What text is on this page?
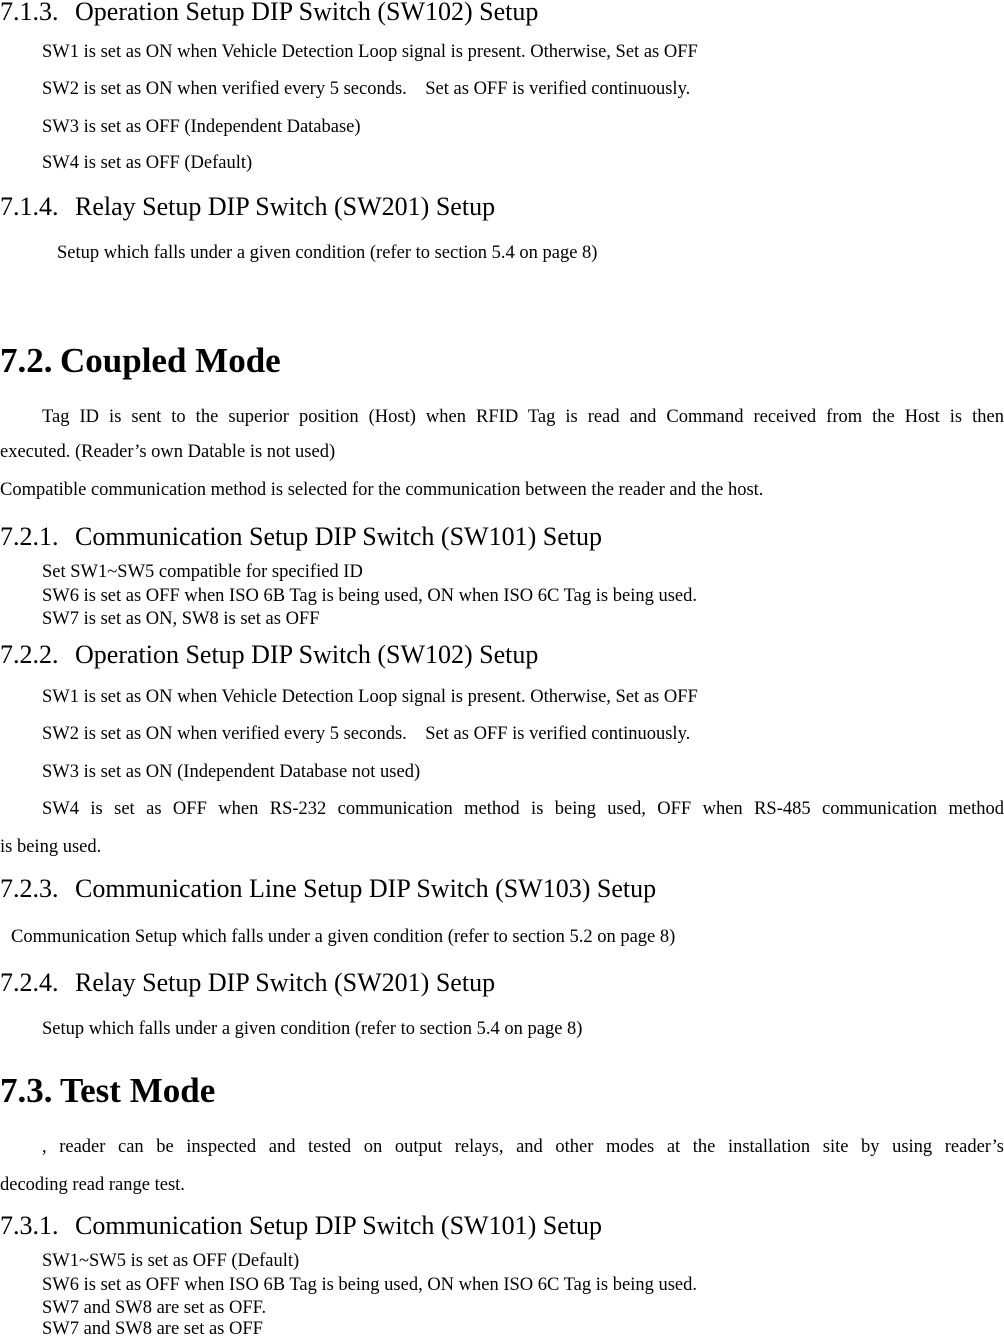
7.1.3. Operation Setup DIP Switch (SW102) Setup
SW1 is set as ON when Vehicle Detection Loop signal is present. Otherwise, Set as OFF
SW2 is set as ON when verified every 5 seconds.    Set as OFF is verified continuously.
SW3 is set as OFF (Independent Database)
SW4 is set as OFF (Default)
7.1.4. Relay Setup DIP Switch (SW201) Setup
Setup which falls under a given condition (refer to section 5.4 on page 8)
7.2. Coupled Mode
Tag ID is sent to the superior position (Host) when RFID Tag is read and Command received from the Host is then
executed. (Reader’s own Datable is not used)
Compatible communication method is selected for the communication between the reader and the host.
7.2.1. Communication Setup DIP Switch (SW101) Setup
Set SW1~SW5 compatible for specified ID
SW6 is set as OFF when ISO 6B Tag is being used, ON when ISO 6C Tag is being used.
SW7 is set as ON, SW8 is set as OFF
7.2.2. Operation Setup DIP Switch (SW102) Setup
SW1 is set as ON when Vehicle Detection Loop signal is present. Otherwise, Set as OFF
SW2 is set as ON when verified every 5 seconds.    Set as OFF is verified continuously.
SW3 is set as ON (Independent Database not used)
SW4 is set as OFF when RS-232 communication method is being used, OFF when RS-485 communication method
is being used.
7.2.3. Communication Line Setup DIP Switch (SW103) Setup
Communication Setup which falls under a given condition (refer to section 5.2 on page 8)
7.2.4. Relay Setup DIP Switch (SW201) Setup
Setup which falls under a given condition (refer to section 5.4 on page 8)
7.3. Test Mode
, reader can be inspected and tested on output relays, and other modes at the installation site by using reader’s
decoding read range test.
7.3.1. Communication Setup DIP Switch (SW101) Setup
SW1~SW5 is set as OFF (Default)
SW6 is set as OFF when ISO 6B Tag is being used, ON when ISO 6C Tag is being used.
SW7 and SW8 are set as OFF.
SW7 and SW8 are set as OFF
